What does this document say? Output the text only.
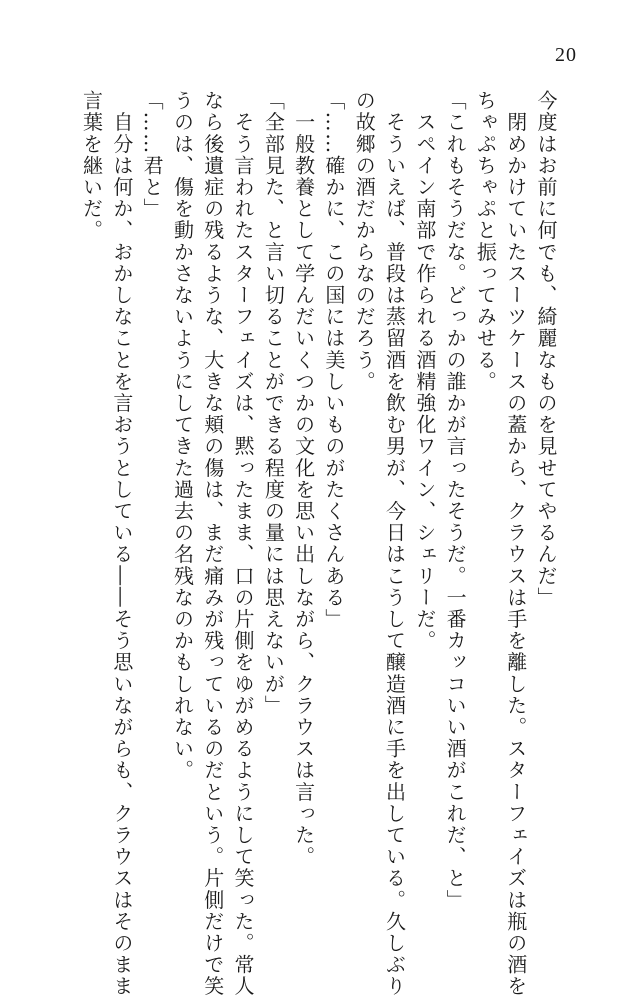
20
今度はお前に何でも、綺麗なものを見せてやるんだ」
　閉めかけていたスーツケースの蓋から、クラウスは手を離した。スターフェイズは瓶の酒を
ちゃぷちゃぷと振ってみせる。
「これもそうだな。どっかの誰かが言ったそうだ。一番カッコいい酒がこれだ、と」
　スペイン南部で作られる酒精強化ワイン、シェリーだ。
　そういえば、普段は蒸留酒を飲む男が、今日はこうして醸造酒に手を出している。久しぶり
の故郷の酒だからなのだろう。
「……確かに、この国には美しいものがたくさんある」
　一般教養として学んだいくつかの文化を思い出しながら、クラウスは言った。
「全部見た、と言い切ることができる程度の量には思えないが」
　そう言われたスターフェイズは、黙ったまま、口の片側をゆがめるようにして笑った。常人
なら後遺症の残るような、大きな頬の傷は、まだ痛みが残っているのだという。片側だけで笑
うのは、傷を動かさないようにしてきた過去の名残なのかもしれない。
「……君と」
　自分は何か、おかしなことを言おうとしている――そう思いながらも、クラウスはそのまま
言葉を継いだ。
